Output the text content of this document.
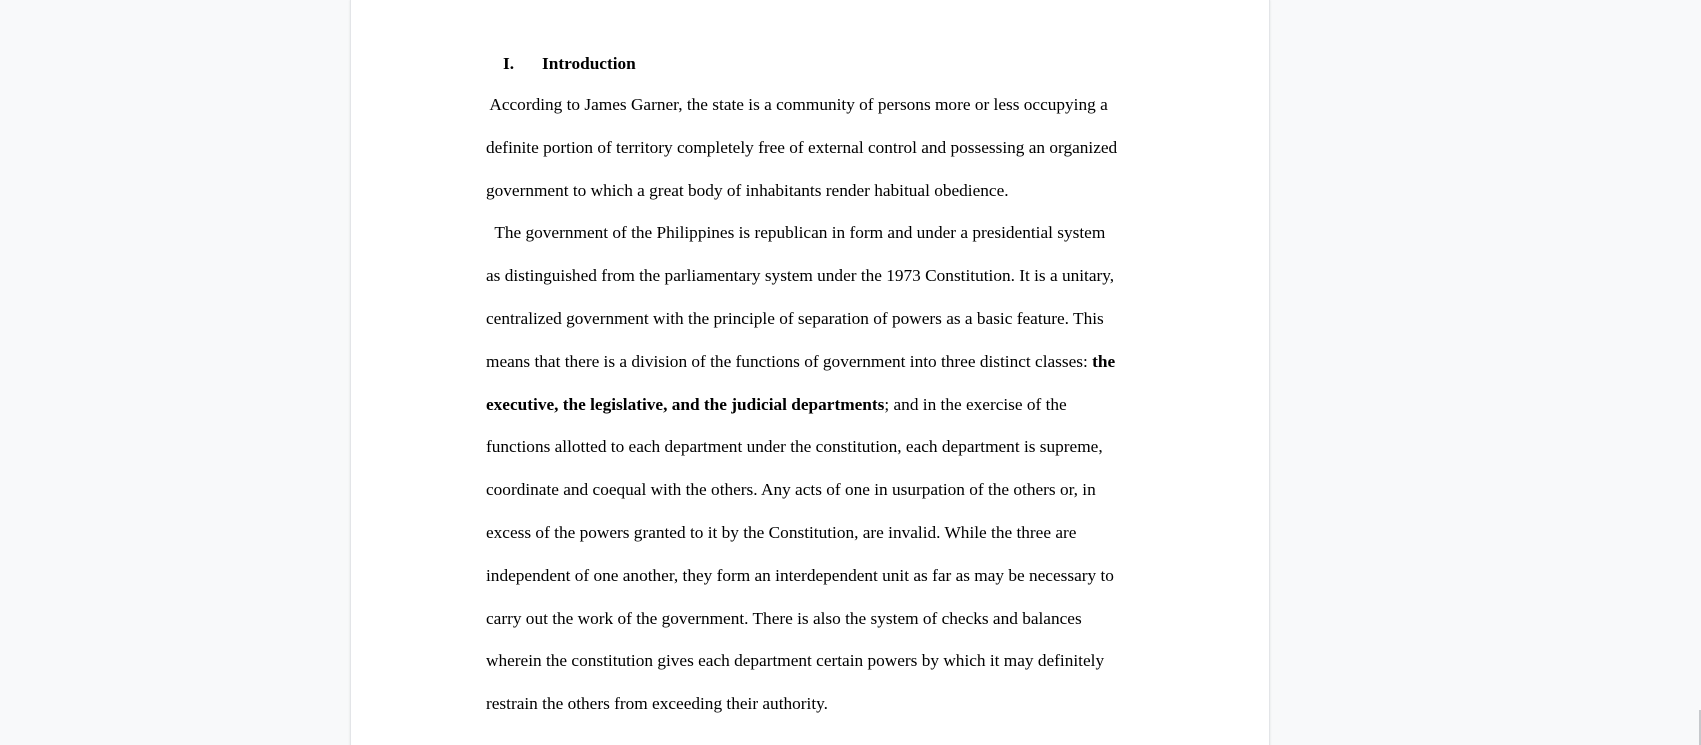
I.	Introduction

According to James Garner, the state is a community of persons more or less occupying a
definite portion of territory completely free of external control and possessing an organized
government to which a great body of inhabitants render habitual obedience.

The government of the Philippines is republican in form and under a presidential system
as distinguished from the parliamentary system under the 1973 Constitution. It is a unitary,
centralized government with the principle of separation of powers as a basic feature. This
means that there is a division of the functions of government into three distinct classes: the
executive, the legislative, and the judicial departments; and in the exercise of the
functions allotted to each department under the constitution, each department is supreme,
coordinate and coequal with the others. Any acts of one in usurpation of the others or, in
excess of the powers granted to it by the Constitution, are invalid. While the three are
independent of one another, they form an interdependent unit as far as may be necessary to
carry out the work of the government. There is also the system of checks and balances
wherein the constitution gives each department certain powers by which it may definitely
restrain the others from exceeding their authority.
